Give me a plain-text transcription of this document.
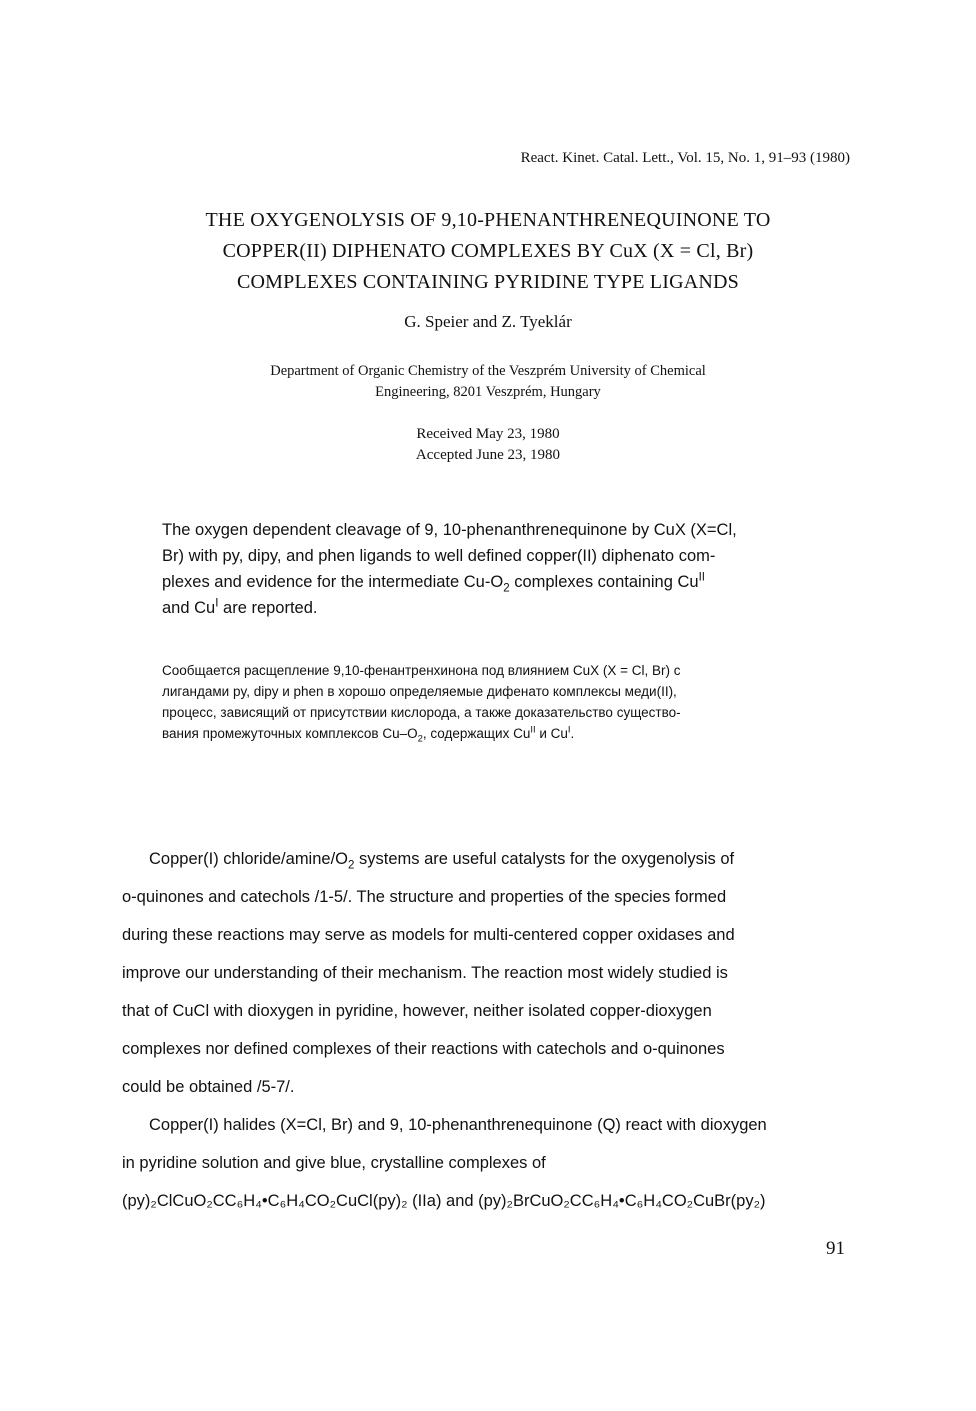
React. Kinet. Catal. Lett., Vol. 15, No. 1, 91–93 (1980)
THE OXYGENOLYSIS OF 9,10-PHENANTHRENEQUINONE TO
COPPER(II) DIPHENATO COMPLEXES BY CuX (X = Cl, Br)
COMPLEXES CONTAINING PYRIDINE TYPE LIGANDS
G. Speier and Z. Tyeklár
Department of Organic Chemistry of the Veszprém University of Chemical
Engineering, 8201 Veszprém, Hungary
Received May 23, 1980
Accepted June 23, 1980
The oxygen dependent cleavage of 9, 10-phenanthrenequinone by CuX (X=Cl,
Br) with py, dipy, and phen ligands to well defined copper(II) diphenato com-
plexes and evidence for the intermediate $Cu-O_2$ complexes containing $Cu^{II}$
and $Cu^I$ are reported.
Сообщается расщепление 9,10-фенантренхинона под влиянием CuX (X = Cl, Br) с
лигандами py, dipy и phen в хорошо определяемые дифенато комплексы меди(II),
процесс, зависящий от присутствии кислорода, а также доказательство существо-
вания промежуточных комплексов $Cu-O_2$, содержащих $Cu^{II}$ и $Cu^I$.
Copper(I) chloride/$amine/O_2$ systems are useful catalysts for the oxygenolysis of
o-quinones and catechols /1-5/. The structure and properties of the species formed
during these reactions may serve as models for multi-centered copper oxidases and
improve our understanding of their mechanism. The reaction most widely studied is
that of CuCl with dioxygen in pyridine, however, neither isolated copper-dioxygen
complexes nor defined complexes of their reactions with catechols and o-quinones
could be obtained /5-7/.
Copper(I) halides (X=Cl, Br) and 9, 10-phenanthrenequinone (Q) react with dioxygen
in pyridine solution and give blue, crystalline complexes of
(py)₂ClCuO₂CC₆H₄•C₆H₄CO₂CuCl(py)₂ (IIa) and (py)₂BrCuO₂CC₆H₄•C₆H₄CO₂CuBr(py₂)
91
